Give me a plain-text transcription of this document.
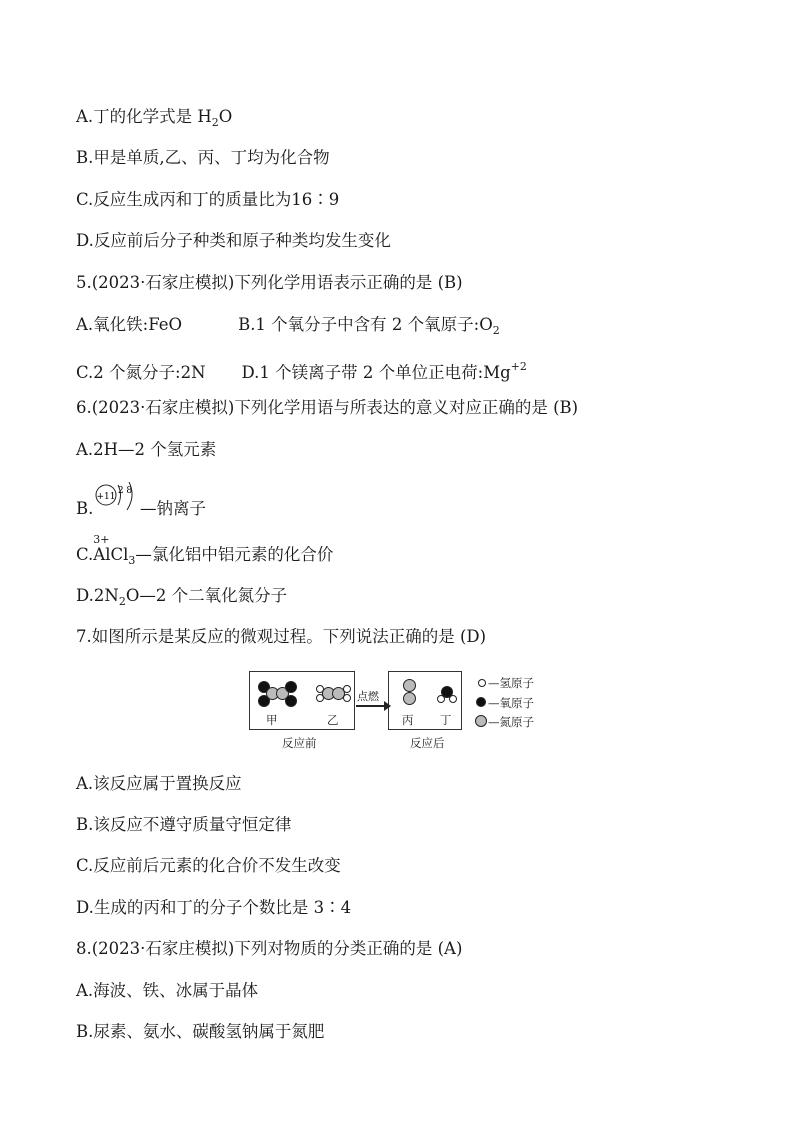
A.丁的化学式是 $H_2O$
B.甲是单质,乙、丙、丁均为化合物
C.反应生成丙和丁的质量比为16∶9
D.反应前后分子种类和原子种类均发生变化
5.(2023·石家庄模拟)下列化学用语表示正确的是 (B)
A.氧化铁:FeO	B.1 个氧分子中含有 2 个氧原子$:O_2$
C.2 个氮分子:2N D.1 个镁离子带 2 个单位正电荷$:Mg^{+2}$
6.(2023·石家庄模拟)下列化学用语与所表达的意义对应正确的是 (B)
A.2H—2 个氢元素
B.
+11
2 8
—钠离子
C.
3+
AlCl$_3$—氯化铝中铝元素的化合价
$D.2N_2O—2$ 个二氧化氮分子
7.如图所示是某反应的微观过程。下列说法正确的是 (D)
甲	乙
点燃
丙 丁
反应前	反应后
—氢原子
—氧原子
—氮原子
A.该反应属于置换反应
B.该反应不遵守质量守恒定律
C.反应前后元素的化合价不发生改变
D.生成的丙和丁的分子个数比是 3∶4
8.(2023·石家庄模拟)下列对物质的分类正确的是 (A)
A.海波、铁、冰属于晶体
B.尿素、氨水、碳酸氢钠属于氮肥
